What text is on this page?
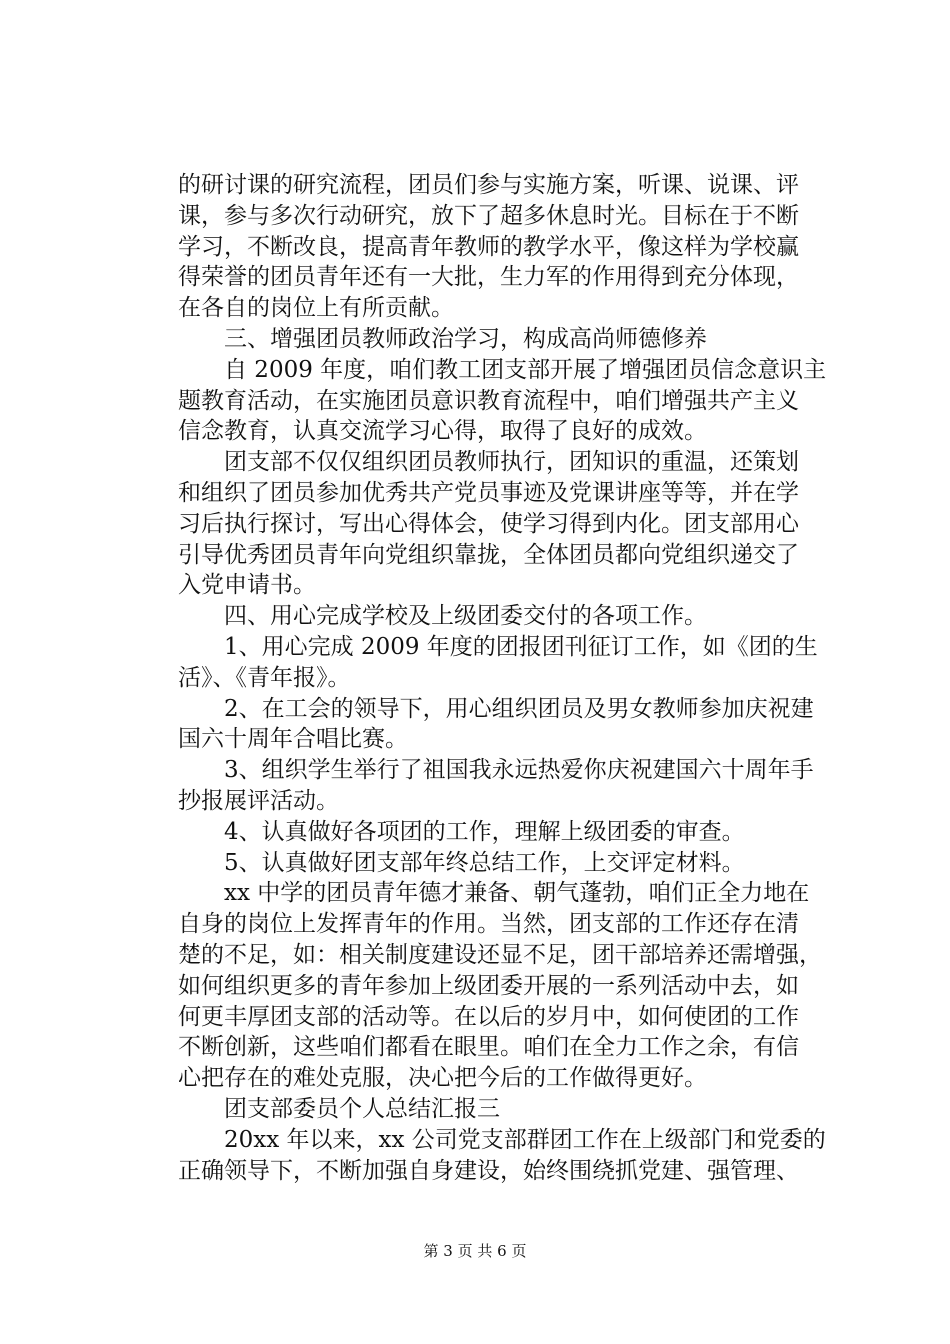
的研讨课的研究流程，团员们参与实施方案，听课、说课、评
课，参与多次行动研究，放下了超多休息时光。目标在于不断
学习，不断改良，提高青年教师的教学水平，像这样为学校赢
得荣誉的团员青年还有一大批，生力军的作用得到充分体现，
在各自的岗位上有所贡献。
三、增强团员教师政治学习，构成高尚师德修养
自 2009 年度，咱们教工团支部开展了增强团员信念意识主
题教育活动，在实施团员意识教育流程中，咱们增强共产主义
信念教育，认真交流学习心得，取得了良好的成效。
团支部不仅仅组织团员教师执行，团知识的重温，还策划
和组织了团员参加优秀共产党员事迹及党课讲座等等，并在学
习后执行探讨，写出心得体会，使学习得到内化。团支部用心
引导优秀团员青年向党组织靠拢，全体团员都向党组织递交了
入党申请书。
四、用心完成学校及上级团委交付的各项工作。
1、用心完成 2009 年度的团报团刊征订工作，如《团的生
活》、《青年报》。
2、在工会的领导下，用心组织团员及男女教师参加庆祝建
国六十周年合唱比赛。
3、组织学生举行了祖国我永远热爱你庆祝建国六十周年手
抄报展评活动。
4、认真做好各项团的工作，理解上级团委的审查。
5、认真做好团支部年终总结工作，上交评定材料。
xx 中学的团员青年德才兼备、朝气蓬勃，咱们正全力地在
自身的岗位上发挥青年的作用。当然，团支部的工作还存在清
楚的不足，如：相关制度建设还显不足，团干部培养还需增强，
如何组织更多的青年参加上级团委开展的一系列活动中去，如
何更丰厚团支部的活动等。在以后的岁月中，如何使团的工作
不断创新，这些咱们都看在眼里。咱们在全力工作之余，有信
心把存在的难处克服，决心把今后的工作做得更好。
团支部委员个人总结汇报三
20xx 年以来，xx 公司党支部群团工作在上级部门和党委的
正确领导下，不断加强自身建设，始终围绕抓党建、强管理、
第 3 页 共 6 页
